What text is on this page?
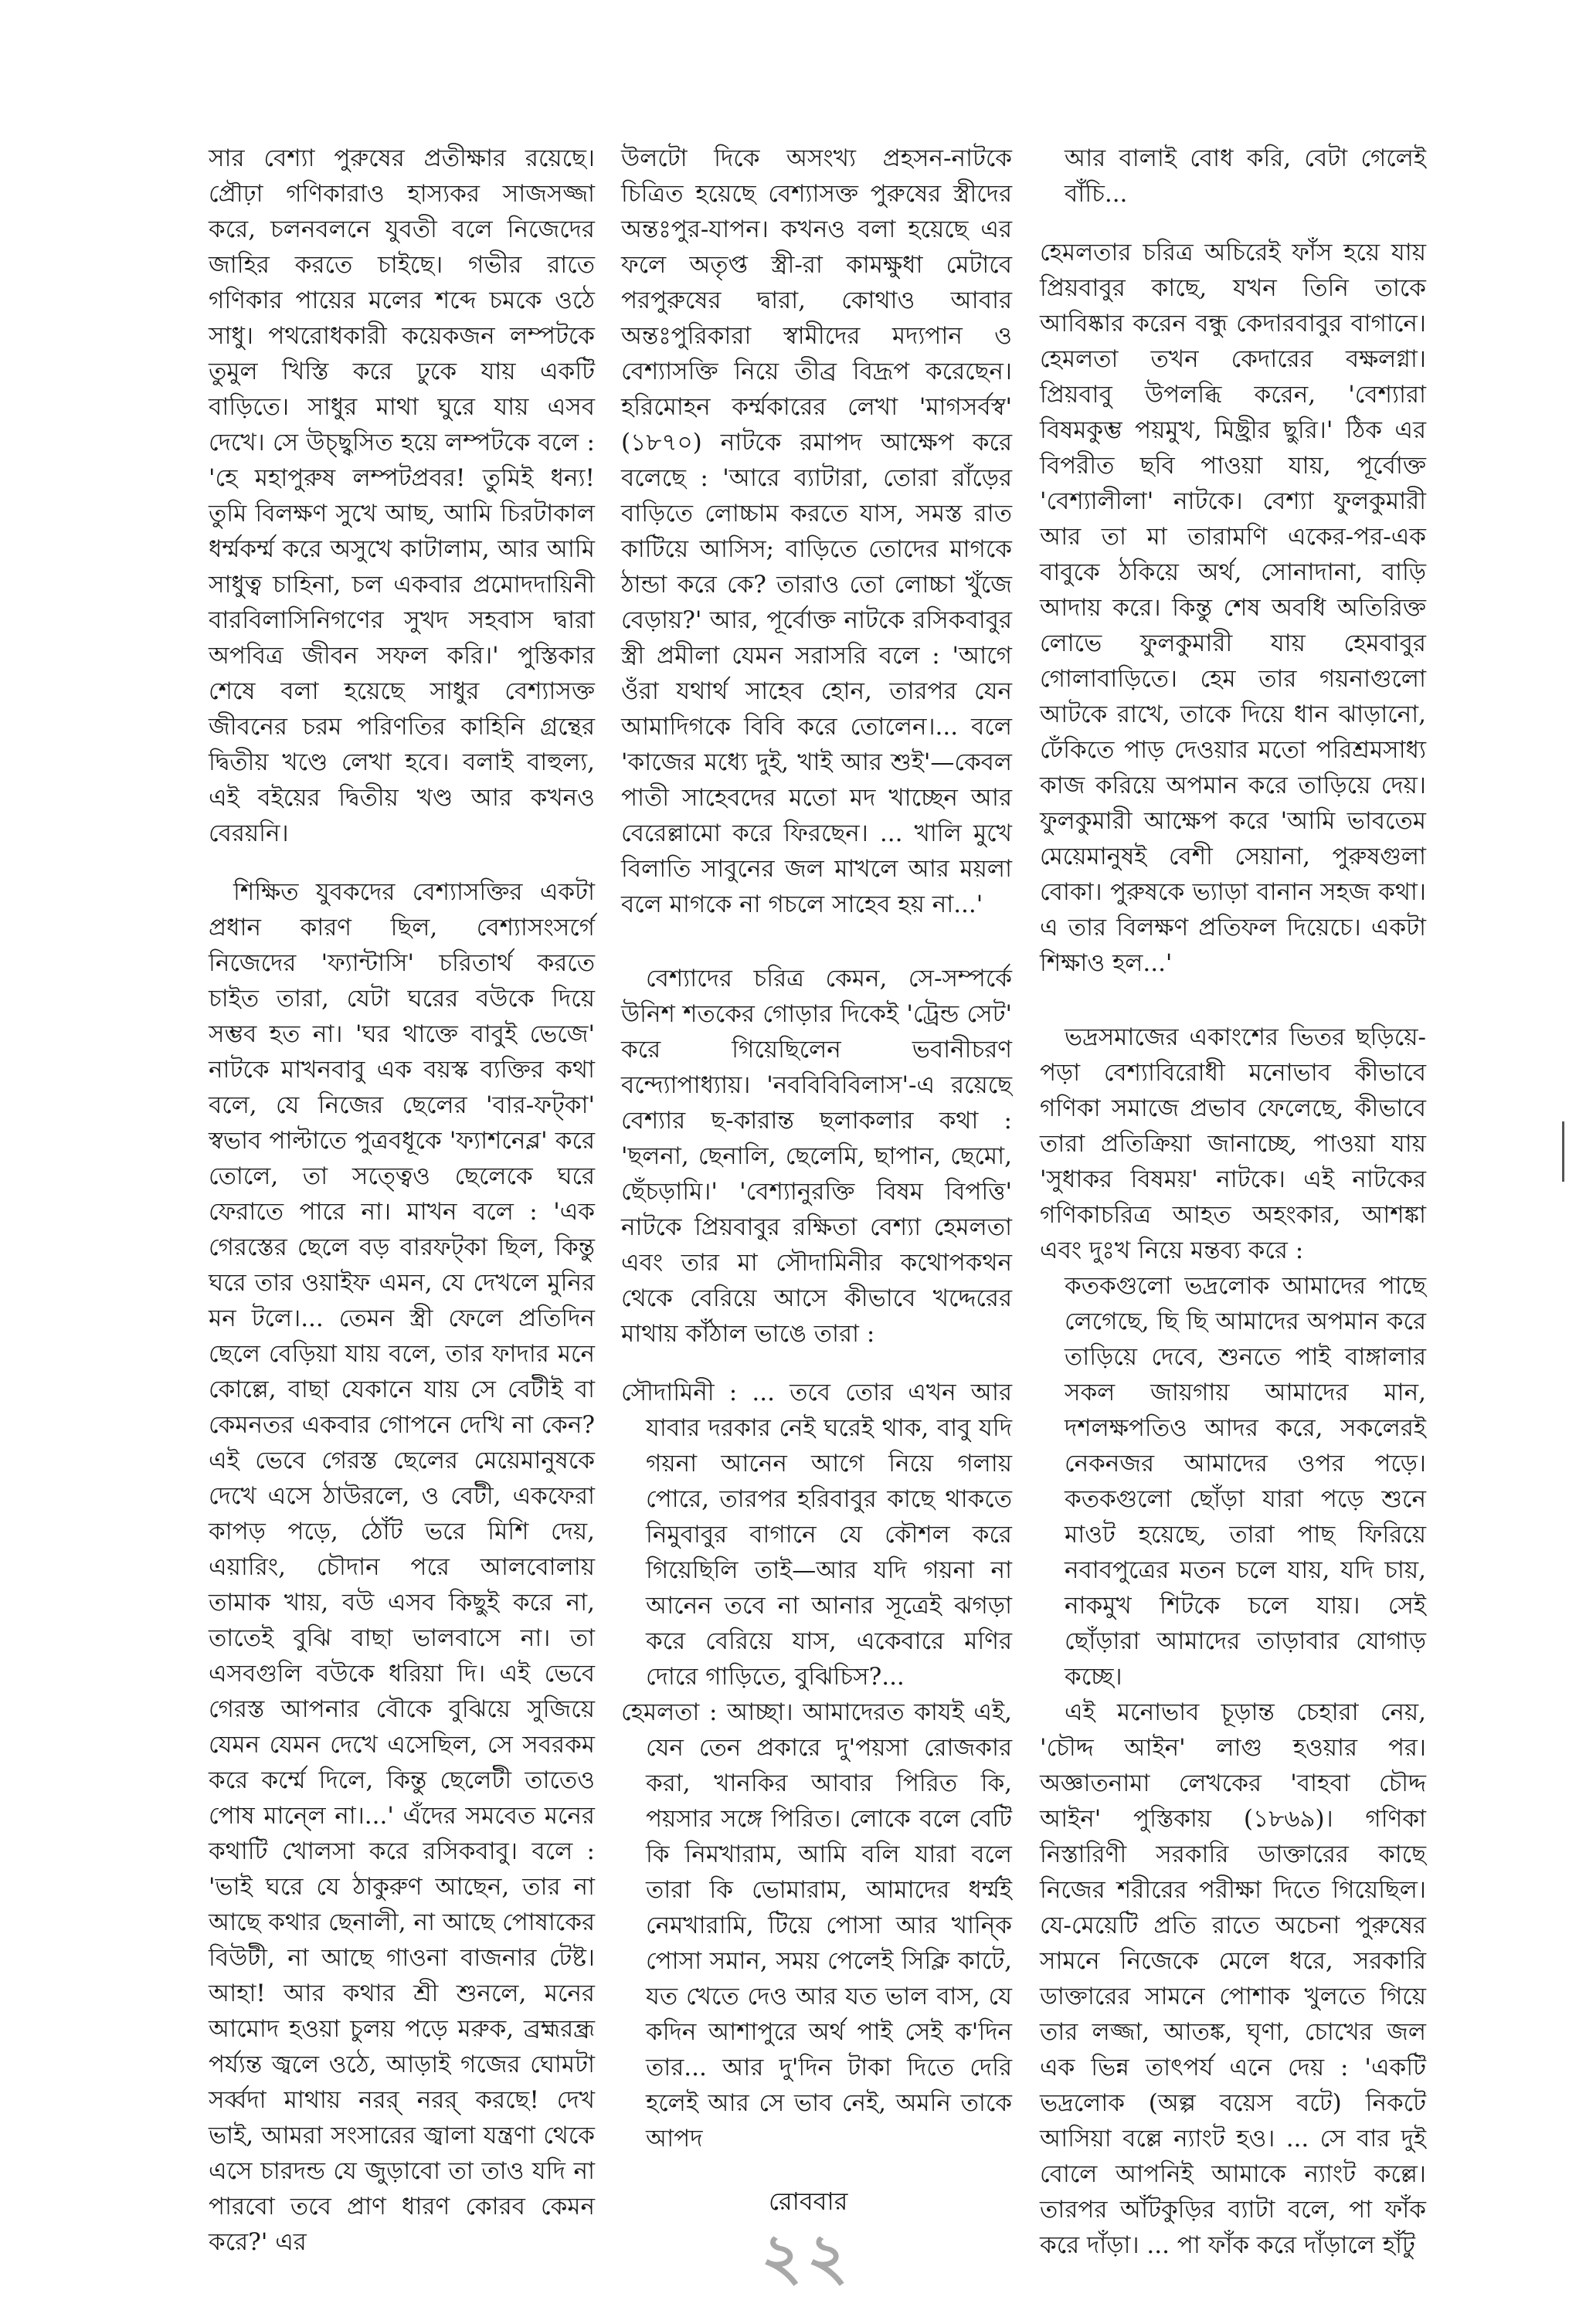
সার বেশ্যা পুরুষের প্রতীক্ষার রয়েছে। প্রৌঢ়া গণিকারাও হাস্যকর সাজসজ্জা করে, চলনবলনে যুবতী বলে নিজেদের জাহির করতে চাইছে। গভীর রাতে গণিকার পায়ের মলের শব্দে চমকে ওঠে সাধু। পথরোধকারী কয়েকজন লম্পটকে তুমুল খিস্তি করে ঢুকে যায় একটি বাড়িতে। সাধুর মাথা ঘুরে যায় এসব দেখে। সে উচ্ছ্বসিত হয়ে লম্পটকে বলে : 'হে মহাপুরুষ লম্পটপ্রবর! তুমিই ধন্য! তুমি বিলক্ষণ সুখে আছ, আমি চিরটাকাল ধর্ম্মকর্ম্ম করে অসুখে কাটালাম, আর আমি সাধুত্ব চাহিনা, চল একবার প্রমোদদায়িনী বারবিলাসিনিগণের সুখদ সহবাস দ্বারা অপবিত্র জীবন সফল করি।' পুস্তিকার শেষে বলা হয়েছে সাধুর বেশ্যাসক্ত জীবনের চরম পরিণতির কাহিনি গ্রন্থের দ্বিতীয় খণ্ডে লেখা হবে। বলাই বাহুল্য, এই বইয়ের দ্বিতীয় খণ্ড আর কখনও বেরয়নি।

শিক্ষিত যুবকদের বেশ্যাসক্তির একটা প্রধান কারণ ছিল, বেশ্যাসংসর্গে নিজেদের 'ফ্যান্টাসি' চরিতার্থ করতে চাইত তারা, যেটা ঘরের বউকে দিয়ে সম্ভব হত না। 'ঘর থাক্তে বাবুই ভেজে' নাটকে মাখনবাবু এক বয়স্ক ব্যক্তির কথা বলে, যে নিজের ছেলের 'বার-ফট্কা' স্বভাব পাল্টাতে পুত্রবধূকে 'ফ্যাশনেব্ল' করে তোলে, তা সত্ত্বেও ছেলেকে ঘরে ফেরাতে পারে না। মাখন বলে : 'এক গেরস্তের ছেলে বড় বারফট্কা ছিল, কিন্তু ঘরে তার ওয়াইফ এমন, যে দেখলে মুনির মন টলে।... তেমন স্ত্রী ফেলে প্রতিদিন ছেলে বেড়িয়া যায় বলে, তার ফাদার মনে কোল্লে, বাছা যেকানে যায় সে বেটীই বা কেমনতর একবার গোপনে দেখি না কেন? এই ভেবে গেরস্ত ছেলের মেয়েমানুষকে দেখে এসে ঠাউরলে, ও বেটী, একফেরা কাপড় পড়ে, ঠোঁট ভরে মিশি দেয়, এয়ারিং, চৌদান পরে আলবোলায় তামাক খায়, বউ এসব কিছুই করে না, তাতেই বুঝি বাছা ভালবাসে না। তা এসবগুলি বউকে ধরিয়া দি। এই ভেবে গেরস্ত আপনার বৌকে বুঝিয়ে সুজিয়ে যেমন যেমন দেখে এসেছিল, সে সবরকম করে কর্ম্মে দিলে, কিন্তু ছেলেটী তাতেও পোষ মান্লে না।...' এঁদের সমবেত মনের কথাটি খোলসা করে রসিকবাবু। বলে : 'ভাই ঘরে যে ঠাকুরুণ আছেন, তার না আছে কথার ছেনালী, না আছে পোষাকের বিউটী, না আছে গাওনা বাজনার টেষ্ট। আহা! আর কথার শ্রী শুনলে, মনের আমোদ হওয়া চুলয় পড়ে মরুক, ব্রহ্মরন্ধ্র পর্য্যন্ত জ্বলে ওঠে, আড়াই গজের ঘোমটা সর্ব্বদা মাথায় নরর্ নরর্ করছে! দেখ ভাই, আমরা সংসারের জ্বালা যন্ত্রণা থেকে এসে চারদন্ড যে জুড়াবো তা তাও যদি না পারবো তবে প্রাণ ধারণ কোরব কেমন করে?' এর

উলটো দিকে অসংখ্য প্রহসন-নাটকে চিত্রিত হয়েছে বেশ্যাসক্ত পুরুষের স্ত্রীদের অন্তঃপুর-যাপন। কখনও বলা হয়েছে এর ফলে অতৃপ্ত স্ত্রী-রা কামক্ষুধা মেটাবে পরপুরুষের দ্বারা, কোথাও আবার অন্তঃপুরিকারা স্বামীদের মদ্যপান ও বেশ্যাসক্তি নিয়ে তীব্র বিদ্রূপ করেছেন। হরিমোহন কর্ম্মকারের লেখা 'মাগসর্বস্ব' (১৮৭০) নাটকে রমাপদ আক্ষেপ করে বলেছে : 'আরে ব্যাটারা, তোরা রাঁড়ের বাড়িতে লোচ্চাম করতে যাস, সমস্ত রাত কাটিয়ে আসিস; বাড়িতে তোদের মাগকে ঠান্ডা করে কে? তারাও তো লোচ্চা খুঁজে বেড়ায়?' আর, পূর্বোক্ত নাটকে রসিকবাবুর স্ত্রী প্রমীলা যেমন সরাসরি বলে : 'আগে ওঁরা যথার্থ সাহেব হোন, তারপর যেন আমাদিগকে বিবি করে তোলেন।... বলে 'কাজের মধ্যে দুই, খাই আর শুই'—কেবল পাতী সাহেবদের মতো মদ খাচ্ছেন আর বেরেল্লামো করে ফিরছেন। ... খালি মুখে বিলাতি সাবুনের জল মাখলে আর ময়লা বলে মাগকে না গচলে সাহেব হয় না...'

বেশ্যাদের চরিত্র কেমন, সে-সম্পর্কে উনিশ শতকের গোড়ার দিকেই 'ট্রেন্ড সেট' করে গিয়েছিলেন ভবানীচরণ বন্দ্যোপাধ্যায়। 'নববিবিবিলাস'-এ রয়েছে বেশ্যার ছ-কারান্ত ছলাকলার কথা : 'ছলনা, ছেনালি, ছেলেমি, ছাপান, ছেমো, ছেঁচড়ামি।' 'বেশ্যানুরক্তি বিষম বিপত্তি' নাটকে প্রিয়বাবুর রক্ষিতা বেশ্যা হেমলতা এবং তার মা সৌদামিনীর কথোপকথন থেকে বেরিয়ে আসে কীভাবে খদ্দেরের মাথায় কাঁঠাল ভাঙে তারা :

সৌদামিনী : ... তবে তোর এখন আর যাবার দরকার নেই ঘরেই থাক, বাবু যদি গয়না আনেন আগে নিয়ে গলায় পোরে, তারপর হরিবাবুর কাছে থাকতে নিমুবাবুর বাগানে যে কৌশল করে গিয়েছিলি তাই—আর যদি গয়না না আনেন তবে না আনার সূত্রেই ঝগড়া করে বেরিয়ে যাস, একেবারে মণির দোরে গাড়িতে, বুঝিচিস?...

হেমলতা : আচ্ছা। আমাদেরত কাযই এই, যেন তেন প্রকারে দু'পয়সা রোজকার করা, খানকির আবার পিরিত কি, পয়সার সঙ্গে পিরিত। লোকে বলে বেটি কি নিমখারাম, আমি বলি যারা বলে তারা কি ভোমারাম, আমাদের ধর্ম্মই নেমখারামি, টিয়ে পোসা আর খান্কি পোসা সমান, সময় পেলেই সিক্লি কাটে, যত খেতে দেও আর যত ভাল বাস, যে কদিন আশাপুরে অর্থ পাই সেই ক'দিন তার... আর দু'দিন টাকা দিতে দেরি হলেই আর সে ভাব নেই, অমনি তাকে আপদ

আর বালাই বোধ করি, বেটা গেলেই বাঁচি...

হেমলতার চরিত্র অচিরেই ফাঁস হয়ে যায় প্রিয়বাবুর কাছে, যখন তিনি তাকে আবিষ্কার করেন বন্ধু কেদারবাবুর বাগানে। হেমলতা তখন কেদারের বক্ষলগ্না। প্রিয়বাবু উপলব্ধি করেন, 'বেশ্যারা বিষমকুম্ভ পয়মুখ, মিছ্রীর ছুরি।' ঠিক এর বিপরীত ছবি পাওয়া যায়, পূর্বোক্ত 'বেশ্যালীলা' নাটকে। বেশ্যা ফুলকুমারী আর তা মা তারামণি একের-পর-এক বাবুকে ঠকিয়ে অর্থ, সোনাদানা, বাড়ি আদায় করে। কিন্তু শেষ অবধি অতিরিক্ত লোভে ফুলকুমারী যায় হেমবাবুর গোলাবাড়িতে। হেম তার গয়নাগুলো আটকে রাখে, তাকে দিয়ে ধান ঝাড়ানো, ঢেঁকিতে পাড় দেওয়ার মতো পরিশ্রমসাধ্য কাজ করিয়ে অপমান করে তাড়িয়ে দেয়। ফুলকুমারী আক্ষেপ করে 'আমি ভাবতেম মেয়েমানুষই বেশী সেয়ানা, পুরুষগুলা বোকা। পুরুষকে ভ্যাড়া বানান সহজ কথা। এ তার বিলক্ষণ প্রতিফল দিয়েচে। একটা শিক্ষাও হল...'

ভদ্রসমাজের একাংশের ভিতর ছড়িয়ে-পড়া বেশ্যাবিরোধী মনোভাব কীভাবে গণিকা সমাজে প্রভাব ফেলেছে, কীভাবে তারা প্রতিক্রিয়া জানাচ্ছে, পাওয়া যায় 'সুধাকর বিষময়' নাটকে। এই নাটকের গণিকাচরিত্র আহত অহংকার, আশঙ্কা এবং দুঃখ নিয়ে মন্তব্য করে :

কতকগুলো ভদ্রলোক আমাদের পাছে লেগেছে, ছি ছি আমাদের অপমান করে তাড়িয়ে দেবে, শুনতে পাই বাঙ্গালার সকল জায়গায় আমাদের মান, দশলক্ষপতিও আদর করে, সকলেরই নেকনজর আমাদের ওপর পড়ে। কতকগুলো ছোঁড়া যারা পড়ে শুনে মাওট হয়েছে, তারা পাছ ফিরিয়ে নবাবপুত্রের মতন চলে যায়, যদি চায়, নাকমুখ শিটকে চলে যায়। সেই ছোঁড়ারা আমাদের তাড়াবার যোগাড় কচ্ছে।

এই মনোভাব চূড়ান্ত চেহারা নেয়, 'চৌদ্দ আইন' লাগু হওয়ার পর। অজ্ঞাতনামা লেখকের 'বাহবা চৌদ্দ আইন' পুস্তিকায় (১৮৬৯)। গণিকা নিস্তারিণী সরকারি ডাক্তারের কাছে নিজের শরীরের পরীক্ষা দিতে গিয়েছিল। যে-মেয়েটি প্রতি রাতে অচেনা পুরুষের সামনে নিজেকে মেলে ধরে, সরকারি ডাক্তারের সামনে পোশাক খুলতে গিয়ে তার লজ্জা, আতঙ্ক, ঘৃণা, চোখের জল এক ভিন্ন তাৎপর্য এনে দেয় : 'একটি ভদ্রলোক (অল্প বয়েস বটে) নিকটে আসিয়া বল্লে ন্যাংট হও। ... সে বার দুই বোলে আপনিই আমাকে ন্যাংট কল্লে। তারপর আঁটকুড়ির ব্যাটা বলে, পা ফাঁক করে দাঁড়া। ... পা ফাঁক করে দাঁড়ালে হাঁটু

রোববার
২২
